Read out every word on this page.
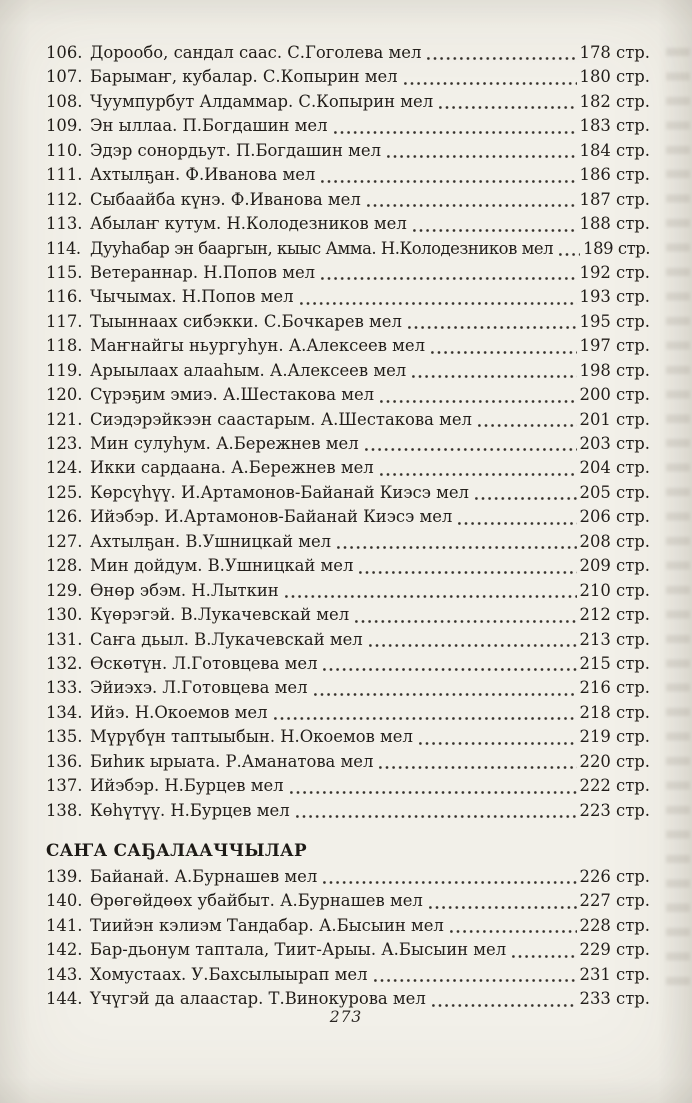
106. Дорообо, сандал саас. С.Гоголева мел	178 стр.
107. Барымаҥ, кубалар. С.Копырин мел	180 стр.
108. Чуумпурбут Алдаммар. С.Копырин мел	182 стр.
109. Эн ыллаа. П.Богдашин мел	183 стр.
110. Эдэр сонордьут. П.Богдашин мел	184 стр.
111. Ахтылҕан. Ф.Иванова мел	186 стр.
112. Сыбаайба күнэ. Ф.Иванова мел	187 стр.
113. Абылаҥ кутум. Н.Колодезников мел	188 стр.
114. Дууһабар эн бааргын, кыыс Амма. Н.Колодезников мел 189 стр.
115. Ветераннар. Н.Попов мел	192 стр.
116. Чычымах. Н.Попов мел	193 стр.
117. Тыыннаах сибэкки. С.Бочкарев мел	195 стр.
118. Маҥнайгы ньургуһун. А.Алексеев мел	197 стр.
119. Арыылаах алааһым. А.Алексеев мел	198 стр.
120. Сүрэҕим эмиэ. А.Шестакова мел	200 стр.
121. Сиэдэрэйкээн саастарым. А.Шестакова мел	201 стр.
123. Мин сулуһум. А.Бережнев мел	203 стр.
124. Икки сардаана. А.Бережнев мел	204 стр.
125. Көрсүһүү. И.Артамонов-Байанай Киэсэ мел	205 стр.
126. Ийэбэр. И.Артамонов-Байанай Киэсэ мел	206 стр.
127. Ахтылҕан. В.Ушницкай мел	208 стр.
128. Мин дойдум. В.Ушницкай мел	209 стр.
129. Өнөр эбэм. Н.Лыткин	210 стр.
130. Күөрэгэй. В.Лукачевскай мел	212 стр.
131. Саҥа дьыл. В.Лукачевскай мел	213 стр.
132. Өскөтүн. Л.Готовцева мел	215 стр.
133. Эйиэхэ. Л.Готовцева мел	216 стр.
134. Ийэ. Н.Окоемов мел	218 стр.
135. Мүрүбүн таптыыбын. Н.Окоемов мел	219 стр.
136. Биһик ырыата. Р.Аманатова мел	220 стр.
137. Ийэбэр. Н.Бурцев мел	222 стр.
138. Көһүтүү. Н.Бурцев мел	223 стр.
САҤА САҔАЛААЧЧЫЛАР
139. Байанай. А.Бурнашев мел	226 стр.
140. Өрөгөйдөөх убайбыт. А.Бурнашев мел	227 стр.
141. Тиийэн кэлиэм Тандабар. А.Бысыин мел	228 стр.
142. Бар-дьонум таптала, Тиит-Арыы. А.Бысыин мел	229 стр.
143. Хомустаах. У.Бахсылыырап мел	231 стр.
144. Үчүгэй да алаастар. Т.Винокурова мел	233 стр.
273
